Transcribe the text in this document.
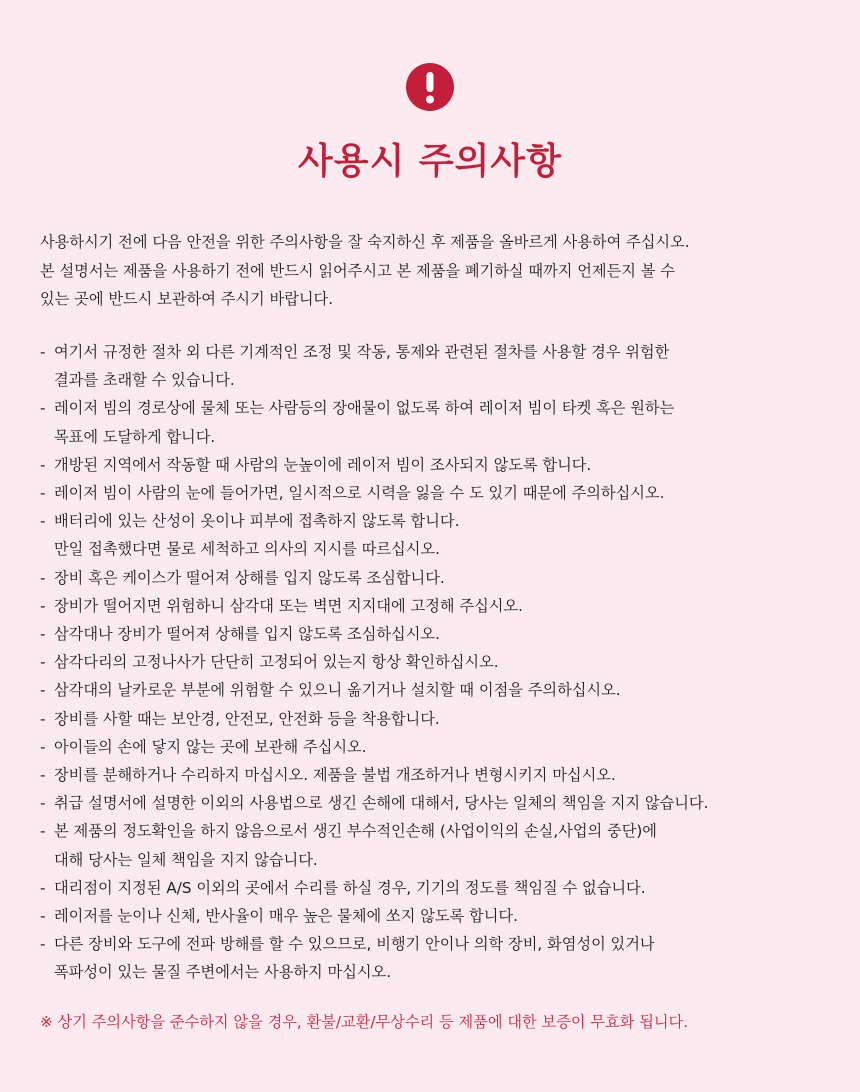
사용시 주의사항

사용하시기 전에 다음 안전을 위한 주의사항을 잘 숙지하신 후 제품을 올바르게 사용하여 주십시오.

본 설명서는 제품을 사용하기 전에 반드시 읽어주시고 본 제품을 폐기하실 때까지 언제든지 볼 수

있는 곳에 반드시 보관하여 주시기 바랍니다.

- 여기서 규정한 절차 외 다른 기계적인 조정 및 작동, 통제와 관련된 절차를 사용할 경우 위험한
결과를 초래할 수 있습니다.
- 레이저 빔의 경로상에 물체 또는 사람등의 장애물이 없도록 하여 레이저 빔이 타켓 혹은 원하는
목표에 도달하게 합니다.
- 개방된 지역에서 작동할 때 사람의 눈높이에 레이저 빔이 조사되지 않도록 합니다.
- 레이저 빔이 사람의 눈에 들어가면, 일시적으로 시력을 잃을 수 도 있기 때문에 주의하십시오.
- 배터리에 있는 산성이 옷이나 피부에 접촉하지 않도록 합니다.
만일 접촉했다면 물로 세척하고 의사의 지시를 따르십시오.
- 장비 혹은 케이스가 떨어져 상해를 입지 않도록 조심합니다.
- 장비가 떨어지면 위험하니 삼각대 또는 벽면 지지대에 고정해 주십시오.
- 삼각대나 장비가 떨어져 상해를 입지 않도록 조심하십시오.
- 삼각다리의 고정나사가 단단히 고정되어 있는지 항상 확인하십시오.
- 삼각대의 날카로운 부분에 위험할 수 있으니 옮기거나 설치할 때 이점을 주의하십시오.
- 장비를 사할 때는 보안경, 안전모, 안전화 등을 착용합니다.
- 아이들의 손에 닿지 않는 곳에 보관해 주십시오.
- 장비를 분해하거나 수리하지 마십시오. 제품을 불법 개조하거나 변형시키지 마십시오.
- 취급 설명서에 설명한 이외의 사용법으로 생긴 손해에 대해서, 당사는 일체의 책임을 지지 않습니다.
- 본 제품의 정도확인을 하지 않음으로서 생긴 부수적인손해 (사업이익의 손실,사업의 중단)에
대해 당사는 일체 책임을 지지 않습니다.
- 대리점이 지정된 A/S 이외의 곳에서 수리를 하실 경우, 기기의 정도를 책임질 수 없습니다.
- 레이저를 눈이나 신체, 반사율이 매우 높은 물체에 쏘지 않도록 합니다.
- 다른 장비와 도구에 전파 방해를 할 수 있으므로, 비행기 안이나 의학 장비, 화염성이 있거나
폭파성이 있는 물질 주변에서는 사용하지 마십시오.
※ 상기 주의사항을 준수하지 않을 경우, 환불/교환/무상수리 등 제품에 대한 보증이 무효화 됩니다.
